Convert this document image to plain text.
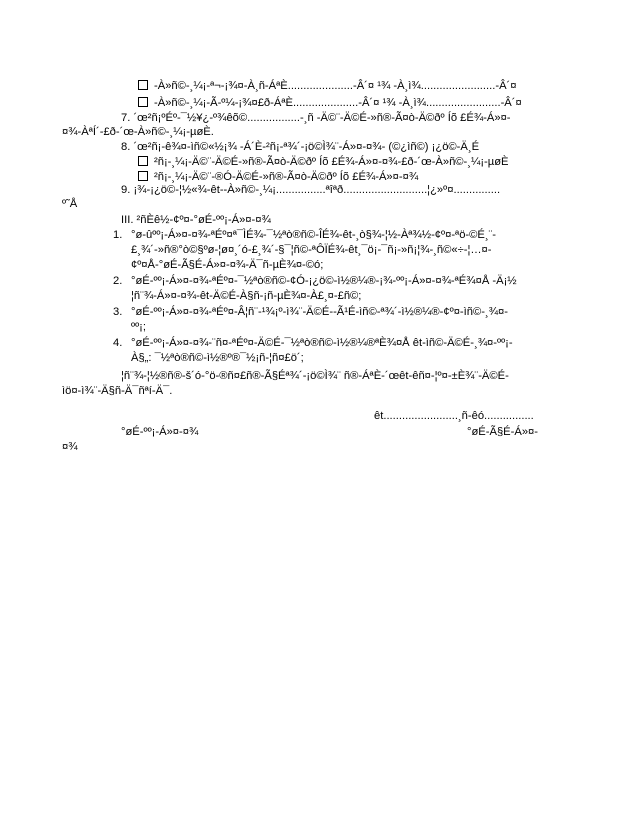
-À»ñ©-¸¼¡-ª¬-¡¾¤-À¸ñ-ÁªÈ.....................-Â´¤ ¹¾ -À¸ì¾........................-Â´¤
-À»ñ©-¸¼¡-Ã-º¼-¡¾¤£ð-ÁªÈ.....................-Â´¤ ¹¾ -À¸ì¾........................-Â´¤
7. ´œ²ñ¡ºÉº-¯½¥¿-º¾êõ©.................-¸ñ -Ä©¨-Ä©É-»ñ®-Ã¤ò-Ä©ðº Íõ £É¾-Á»¤-
¤¾-ÀªÍ´-£ð-´œ-À»ñ©-¸¼¡-µøÈ.
8. ´œ²ñ¡-ê¾¤-ìñ©«½¡¾ -Á´È-²ñ¡-ª¾´-¡ö©Ì¾¨-Á»¤-¤¾- (©¿ìñ©) ¡¿ö©-Ä¸É
²ñ¡-¸¼¡-Ä©¨-Ä©É-»ñ®-Ã¤ò-Ä©ðº Íõ £É¾-Á»¤-¤¾-£ð-´œ-À»ñ©-¸¼¡-µøÈ
²ñ¡-¸¼¡-Ä©¨-®Ó-Ä©É-»ñ®-Ã¤ò-Ä©ðº Íõ £É¾-Á»¤-¤¾
9. ¡¾-¡¿ö©-¦½«¾-êt--À»ñ©-¸¼¡................ªîªð...........................¦¿»º¤...............
º˜Å
III. ²ñÈê½-¢º¤-°øÉ-ºº¡-Á»¤-¤¾
1. °ø-ûºº¡-Á»¤-¤¾-ªÉº¤ª¯ÌÉ¾-¯½ªò®ñ©-ÎÉ¾-êt-¸ò§¾-¦½-Àª¾½-¢º¤-ªö-©É¸¨-
£¸¾´-»ñ®°ò©§ºø-¦ø¤¸´ó-£¸¾´-§¯¦ñ©-ªÔÏÉ¾-êt¸¯ö¡-¯ñ¡-»ñ¡¦¾-¸ñ©«÷-¦…¤-
¢º¤Å-°øÉ-Ã§É-Á»¤-¤¾-Ä¯ñ-µÈ¾¤-©ó;
2. °øÉ-ºº¡-Á»¤-¤¾-ªÉº¤-¯½ªò®ñ©-¢Ó-¡¿ö©-ì½®¼®-¡¾-ºº¡-Á»¤-¤¾-ªÉ¾¤Å -Ä¡½
¦ñ¨¾-Á»¤-¤¾-êt-Ä©É-À§ñ-¡ñ-µÈ¾¤-À£¸¤-£ñ©;
3. °øÉ-ºº¡-Á»¤-¤¾-ªÉº¤-Â¦ñ¨-¹¾¡º-ì¾¨-Ä©É--Ã¹É-ìñ©-ª¾´-ì½®¼®-¢º¤-ìñ©-¸¾¤-
ºº¡;
4. °øÉ-ºº¡-Á»¤-¤¾-¨ñ¤-ªÉº¤-Ä©É-¯½ªò®ñ©-ì½®¼®ªÈ¾¤Å êt-ìñ©-Ä©É-¸¾¤-ºº¡-
À§„: ¯½ªò®ñ©-ì½®º®¯½¡ñ-¦ñ¤£ö´;
¦ñ¨¾-¦½®ñ®-š´ó-°ö-®ñ¤£ñ®-Ã§Éª¾´-¡ö©Ì¾¨ ñ®-ÁªÈ-´œêt-êñ¤-¦º¤-±È¾¨-Ä©É-
ìö¤-ì¾¨-Ä§ñ-Ä¯ñªí-Ä¯.
êt........................¸ñ-êó................
°øÉ-ºº¡-Á»¤-¤¾	°øÉ-Ã§É-Á»¤-
¤¾
